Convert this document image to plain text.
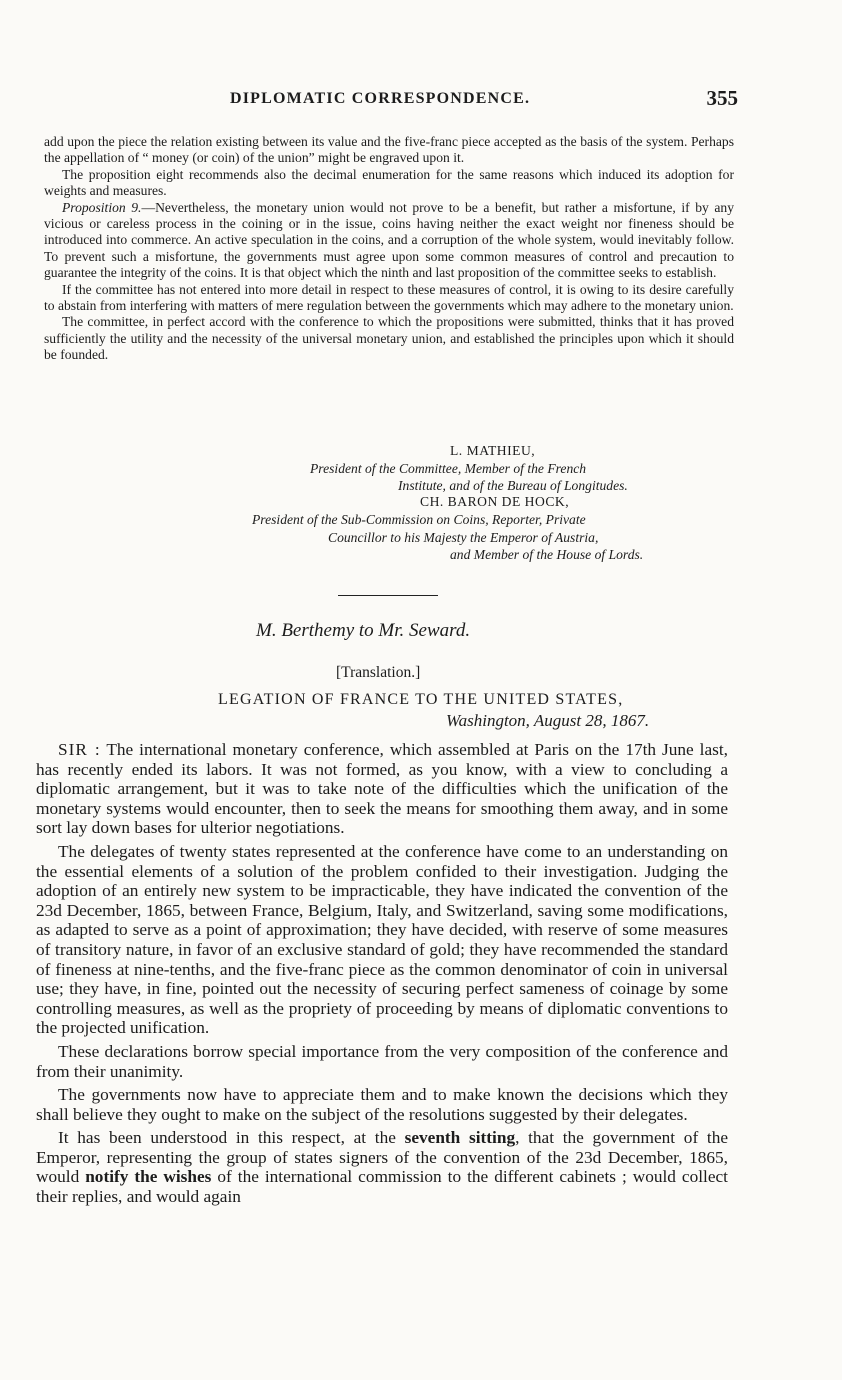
DIPLOMATIC CORRESPONDENCE.	355

add upon the piece the relation existing between its value and the five-franc piece accepted as the basis of the system. Perhaps the appellation of “ money (or coin) of the union” might be engraved upon it.

The proposition eight recommends also the decimal enumeration for the same reasons which induced its adoption for weights and measures.

Proposition 9.—Nevertheless, the monetary union would not prove to be a benefit, but rather a misfortune, if by any vicious or careless process in the coining or in the issue, coins having neither the exact weight nor fineness should be introduced into commerce. An active speculation in the coins, and a corruption of the whole system, would inevitably follow. To prevent such a misfortune, the governments must agree upon some common measures of control and precaution to guarantee the integrity of the coins. It is that object which the ninth and last proposition of the committee seeks to establish.

If the committee has not entered into more detail in respect to these measures of control, it is owing to its desire carefully to abstain from interfering with matters of mere regulation between the governments which may adhere to the monetary union.

The committee, in perfect accord with the conference to which the propositions were submitted, thinks that it has proved sufficiently the utility and the necessity of the universal monetary union, and established the principles upon which it should be founded.

L. MATHIEU,
President of the Committee, Member of the French
Institute, and of the Bureau of Longitudes.
CH. BARON DE HOCK,
President of the Sub-Commission on Coins, Reporter, Private
Councillor to his Majesty the Emperor of Austria,
and Member of the House of Lords.
M. Berthemy to Mr. Seward.
[Translation.]
LEGATION OF FRANCE TO THE UNITED STATES,
Washington, August 28, 1867.

SIR : The international monetary conference, which assembled at Paris on the 17th June last, has recently ended its labors. It was not formed, as you know, with a view to concluding a diplomatic arrangement, but it was to take note of the difficulties which the unification of the monetary systems would encounter, then to seek the means for smoothing them away, and in some sort lay down bases for ulterior negotiations.

The delegates of twenty states represented at the conference have come to an understanding on the essential elements of a solution of the problem confided to their investigation. Judging the adoption of an entirely new system to be impracticable, they have indicated the convention of the 23d December, 1865, between France, Belgium, Italy, and Switzerland, saving some modifications, as adapted to serve as a point of approximation; they have decided, with reserve of some measures of transitory nature, in favor of an exclusive standard of gold; they have recommended the standard of fineness at nine-tenths, and the five-franc piece as the common denominator of coin in universal use; they have, in fine, pointed out the necessity of securing perfect sameness of coinage by some controlling measures, as well as the propriety of proceeding by means of diplomatic conventions to the projected unification.

These declarations borrow special importance from the very composition of the conference and from their unanimity.

The governments now have to appreciate them and to make known the decisions which they shall believe they ought to make on the subject of the resolutions suggested by their delegates.

It has been understood in this respect, at the seventh sitting, that the government of the Emperor, representing the group of states signers of the convention of the 23d December, 1865, would notify the wishes of the international commission to the different cabinets ; would collect their replies, and would again
